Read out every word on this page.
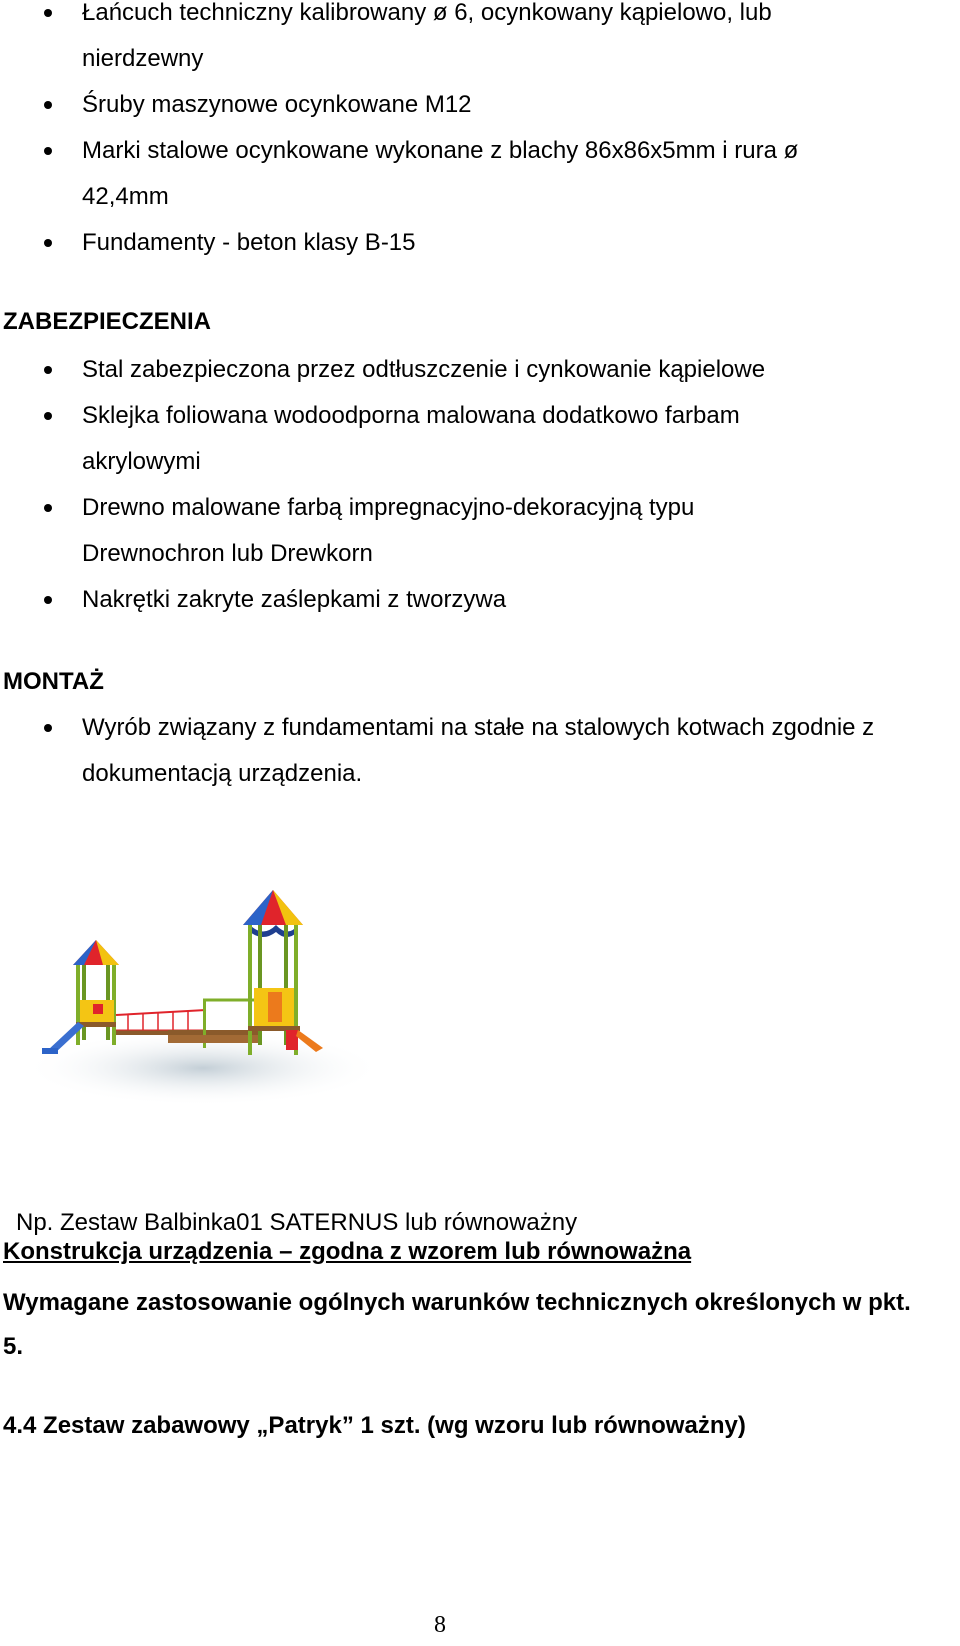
Łańcuch techniczny kalibrowany ø 6, ocynkowany kąpielowo, lub nierdzewny
Śruby maszynowe ocynkowane M12
Marki stalowe ocynkowane wykonane z blachy 86x86x5mm i rura ø 42,4mm
Fundamenty - beton klasy B-15
ZABEZPIECZENIA
Stal zabezpieczona przez odtłuszczenie i cynkowanie kąpielowe
Sklejka foliowana wodoodporna malowana dodatkowo farbam akrylowymi
Drewno malowane farbą impregnacyjno-dekoracyjną typu Drewnochron lub Drewkorn
Nakrętki zakryte zaślepkami z tworzywa
MONTAŻ
Wyrób związany z fundamentami na stałe na stalowych kotwach zgodnie z dokumentacją urządzenia.
Np. Zestaw Balbinka01 SATERNUS lub równoważny
Konstrukcja urządzenia – zgodna z wzorem lub równoważna
Wymagane zastosowanie ogólnych warunków technicznych określonych w pkt. 5.
4.4 Zestaw zabawowy „Patryk” 1 szt. (wg wzoru lub równoważny)
8
